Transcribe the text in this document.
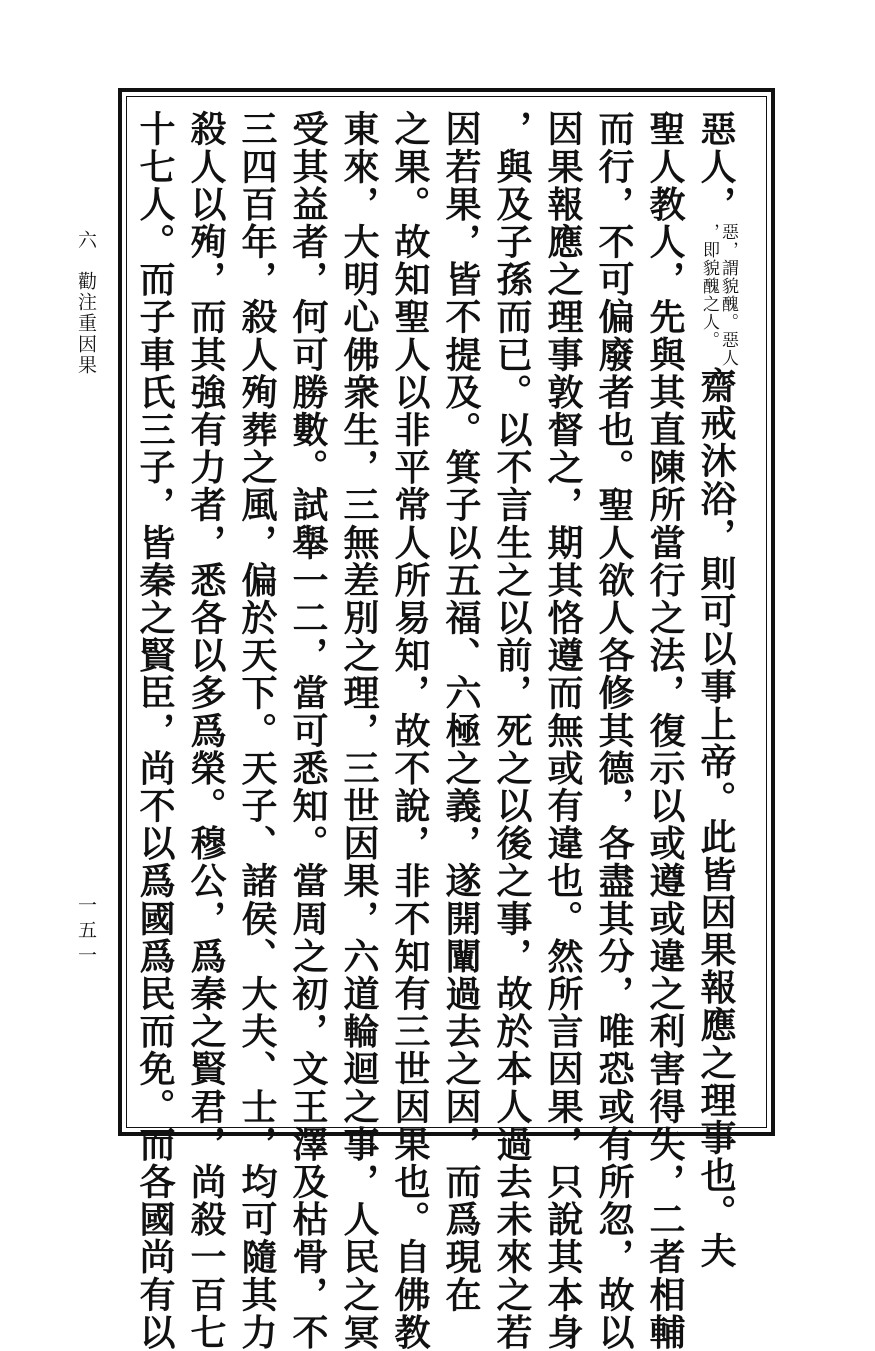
六
勸注重因果
一五一
惡人，
惡，謂貌醜。惡人
，即貌醜之人。
齋戒沐浴，則可以事上帝。此皆因果報應之理事也。夫
聖人教人，先與其直陳所當行之法，復示以或遵或違之利害得失，二者相輔
而行，不可偏廢者也。聖人欲人各修其德，各盡其分，唯恐或有所忽，故以
因果報應之理事敦督之，期其恪遵而無或有違也。然所言因果，只說其本身
，與及子孫而已。以不言生之以前，死之以後之事，故於本人過去未來之若
因若果，皆不提及。箕子以五福、六極之義，遂開闡過去之因，而爲現在
之果。故知聖人以非平常人所易知，故不說，非不知有三世因果也。自佛教
東來，大明心佛衆生，三無差別之理，三世因果，六道輪迴之事，人民之冥
受其益者，何可勝數。試舉一二，當可悉知。當周之初，文王澤及枯骨，不
三四百年，殺人殉葬之風，偏於天下。天子、諸侯、大夫、士，均可隨其力
殺人以殉，而其強有力者，悉各以多爲榮。穆公，爲秦之賢君，尚殺一百七
十七人。而子車氏三子，皆秦之賢臣，尚不以爲國爲民而免。而各國尚有以
